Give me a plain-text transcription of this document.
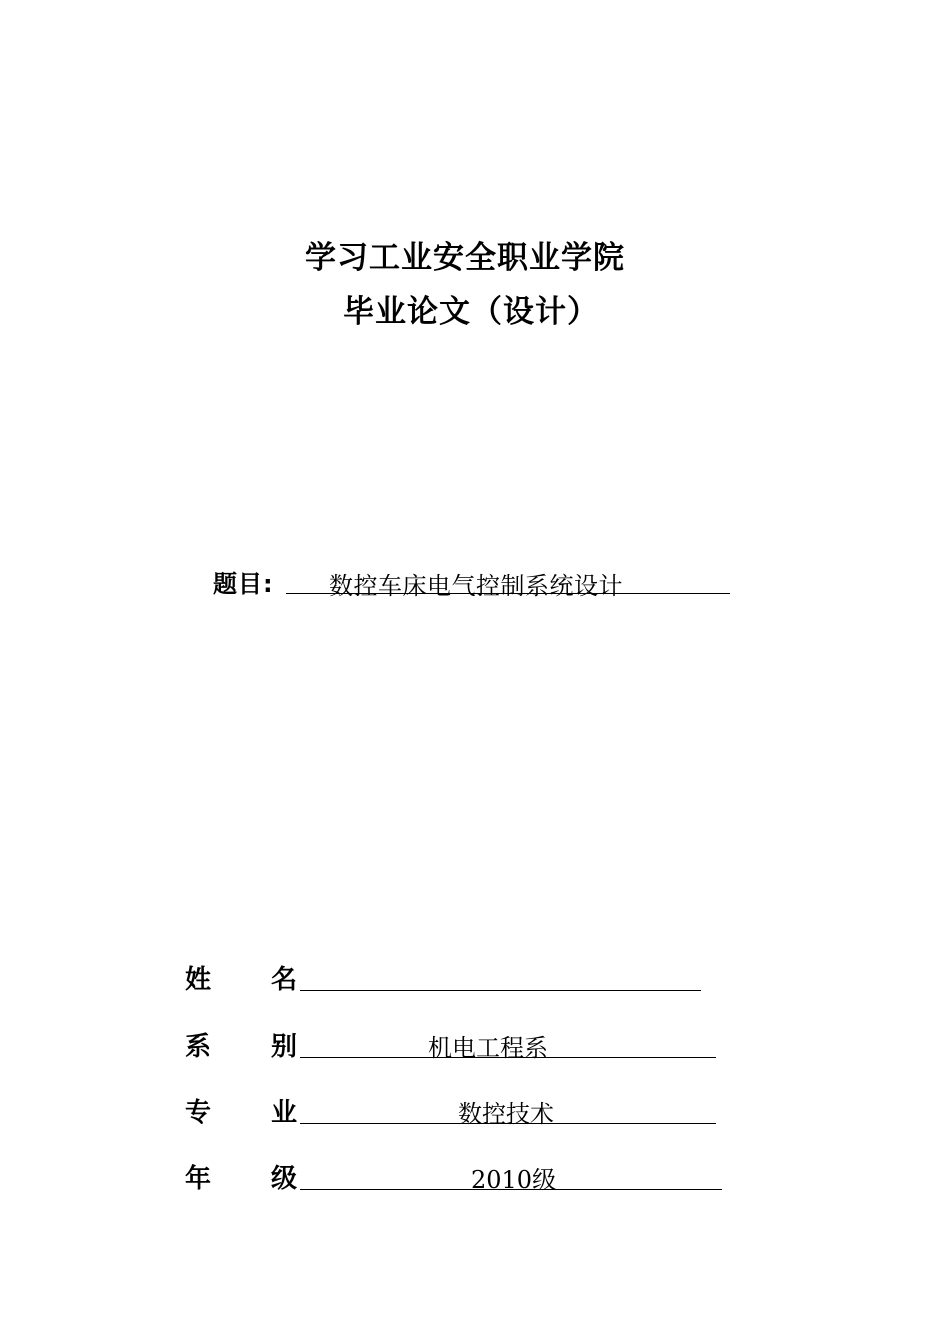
学习工业安全职业学院
毕业论文（设计）
题目: 数控车床电气控制系统设计
姓 名
系 别	机电工程系
专 业	数控技术
年 级	2010级
